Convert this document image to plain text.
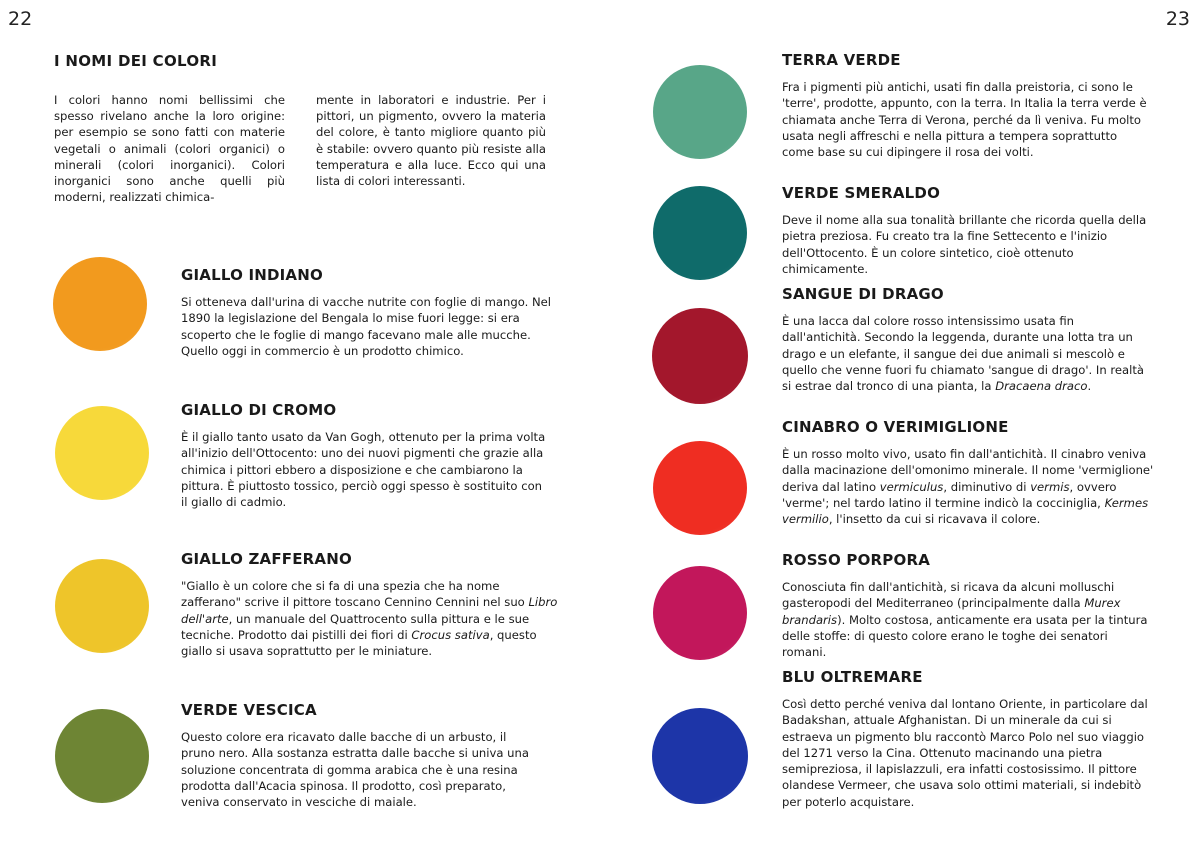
22	23
I NOMI DEI COLORI

I colori hanno nomi bellissimi che spesso rivelano anche la loro origine: per esempio se sono fatti con materie vegetali o animali (colori organici) o minerali (colori inorganici). Colori inorganici sono anche quelli più moderni, realizzati chimica-

mente in laboratori e industrie. Per i pittori, un pigmento, ovvero la materia del colore, è tanto migliore quanto più è stabile: ovvero quanto più resiste alla temperatura e alla luce. Ecco qui una lista di colori interessanti.

GIALLO INDIANO

Si otteneva dall'urina di vacche nutrite con foglie di mango. Nel 1890 la legislazione del Bengala lo mise fuori legge: si era scoperto che le foglie di mango facevano male alle mucche. Quello oggi in commercio è un prodotto chimico.

GIALLO DI CROMO

È il giallo tanto usato da Van Gogh, ottenuto per la prima volta all'inizio dell'Ottocento: uno dei nuovi pigmenti che grazie alla chimica i pittori ebbero a disposizione e che cambiarono la pittura. È piuttosto tossico, perciò oggi spesso è sostituito con il giallo di cadmio.

GIALLO ZAFFERANO

"Giallo è un colore che si fa di una spezia che ha nome zafferano" scrive il pittore toscano Cennino Cennini nel suo Libro dell'arte, un manuale del Quattrocento sulla pittura e le sue tecniche. Prodotto dai pistilli dei fiori di Crocus sativa, questo giallo si usava soprattutto per le miniature.

VERDE VESCICA

Questo colore era ricavato dalle bacche di un arbusto, il pruno nero. Alla sostanza estratta dalle bacche si univa una soluzione concentrata di gomma arabica che è una resina prodotta dall'Acacia spinosa. Il prodotto, così preparato, veniva conservato in vesciche di maiale.

TERRA VERDE

Fra i pigmenti più antichi, usati fin dalla preistoria, ci sono le 'terre', prodotte, appunto, con la terra. In Italia la terra verde è chiamata anche Terra di Verona, perché da lì veniva. Fu molto usata negli affreschi e nella pittura a tempera soprattutto come base su cui dipingere il rosa dei volti.

VERDE SMERALDO

Deve il nome alla sua tonalità brillante che ricorda quella della pietra preziosa. Fu creato tra la fine Settecento e l'inizio dell'Ottocento. È un colore sintetico, cioè ottenuto chimicamente.

SANGUE DI DRAGO

È una lacca dal colore rosso intensissimo usata fin dall'antichità. Secondo la leggenda, durante una lotta tra un drago e un elefante, il sangue dei due animali si mescolò e quello che venne fuori fu chiamato 'sangue di drago'. In realtà si estrae dal tronco di una pianta, la Dracaena draco.

CINABRO O VERIMIGLIONE

È un rosso molto vivo, usato fin dall'antichità. Il cinabro veniva dalla macinazione dell'omonimo minerale. Il nome 'vermiglione' deriva dal latino vermiculus, diminutivo di vermis, ovvero 'verme'; nel tardo latino il termine indicò la cocciniglia, Kermes vermilio, l'insetto da cui si ricavava il colore.

ROSSO PORPORA

Conosciuta fin dall'antichità, si ricava da alcuni molluschi gasteropodi del Mediterraneo (principalmente dalla Murex brandaris). Molto costosa, anticamente era usata per la tintura delle stoffe: di questo colore erano le toghe dei senatori romani.

BLU OLTREMARE

Così detto perché veniva dal lontano Oriente, in particolare dal Badakshan, attuale Afghanistan. Di un minerale da cui si estraeva un pigmento blu raccontò Marco Polo nel suo viaggio del 1271 verso la Cina. Ottenuto macinando una pietra semipreziosa, il lapislazzuli, era infatti costosissimo. Il pittore olandese Vermeer, che usava solo ottimi materiali, si indebitò per poterlo acquistare.
